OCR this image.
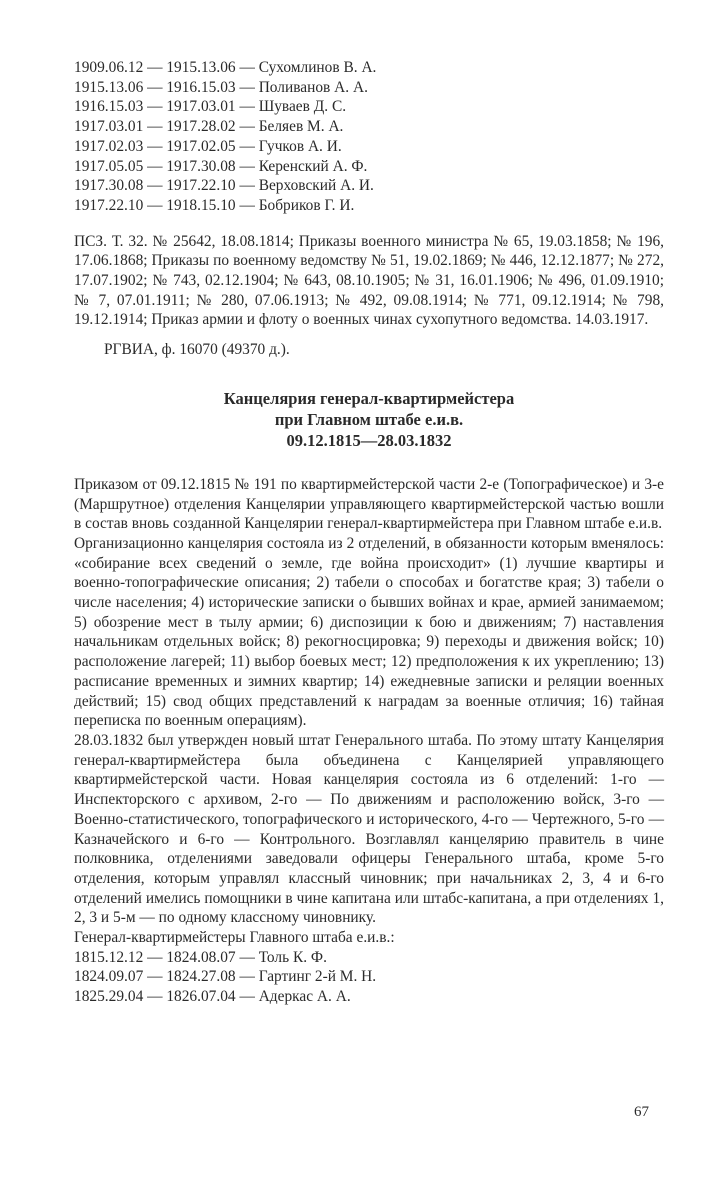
1909.06.12 — 1915.13.06 — Сухомлинов В. А.
1915.13.06 — 1916.15.03 — Поливанов А. А.
1916.15.03 — 1917.03.01 — Шуваев Д. С.
1917.03.01 — 1917.28.02 — Беляев М. А.
1917.02.03 — 1917.02.05 — Гучков А. И.
1917.05.05 — 1917.30.08 — Керенский А. Ф.
1917.30.08 — 1917.22.10 — Верховский А. И.
1917.22.10 — 1918.15.10 — Бобриков Г. И.
ПСЗ. Т. 32. № 25642, 18.08.1814; Приказы военного министра № 65, 19.03.1858; № 196, 17.06.1868; Приказы по военному ведомству № 51, 19.02.1869; № 446, 12.12.1877; № 272, 17.07.1902; № 743, 02.12.1904; № 643, 08.10.1905; № 31, 16.01.1906; № 496, 01.09.1910; № 7, 07.01.1911; № 280, 07.06.1913; № 492, 09.08.1914; № 771, 09.12.1914; № 798, 19.12.1914; Приказ армии и флоту о военных чинах сухопутного ведомства. 14.03.1917.
РГВИА, ф. 16070 (49370 д.).
Канцелярия генерал-квартирмейстера
при Главном штабе е.и.в.
09.12.1815—28.03.1832
Приказом от 09.12.1815 № 191 по квартирмейстерской части 2-е (Топографическое) и 3-е (Маршрутное) отделения Канцелярии управляющего квартирмейстерской частью вошли в состав вновь созданной Канцелярии генерал-квартирмейстера при Главном штабе е.и.в.
Организационно канцелярия состояла из 2 отделений, в обязанности которым вменялось: «собирание всех сведений о земле, где война происходит» (1) лучшие квартиры и военно-топографические описания; 2) табели о способах и богатстве края; 3) табели о числе населения; 4) исторические записки о бывших войнах и крае, армией занимаемом; 5) обозрение мест в тылу армии; 6) диспозиции к бою и движениям; 7) наставления начальникам отдельных войск; 8) рекогносцировка; 9) переходы и движения войск; 10) расположение лагерей; 11) выбор боевых мест; 12) предположения к их укреплению; 13) расписание временных и зимних квартир; 14) ежедневные записки и реляции военных действий; 15) свод общих представлений к наградам за военные отличия; 16) тайная переписка по военным операциям).
28.03.1832 был утвержден новый штат Генерального штаба. По этому штату Канцелярия генерал-квартирмейстера была объединена с Канцелярией управляющего квартирмейстерской части. Новая канцелярия состояла из 6 отделений: 1-го — Инспекторского с архивом, 2-го — По движениям и расположению войск, 3-го — Военно-статистического, топографического и исторического, 4-го — Чертежного, 5-го — Казначейского и 6-го — Контрольного. Возглавлял канцелярию правитель в чине полковника, отделениями заведовали офицеры Генерального штаба, кроме 5-го отделения, которым управлял классный чиновник; при начальниках 2, 3, 4 и 6-го отделений имелись помощники в чине капитана или штабс-капитана, а при отделениях 1, 2, 3 и 5-м — по одному классному чиновнику.
Генерал-квартирмейстеры Главного штаба е.и.в.:
1815.12.12 — 1824.08.07 — Толь К. Ф.
1824.09.07 — 1824.27.08 — Гартинг 2-й М. Н.
1825.29.04 — 1826.07.04 — Адеркас А. А.
67
